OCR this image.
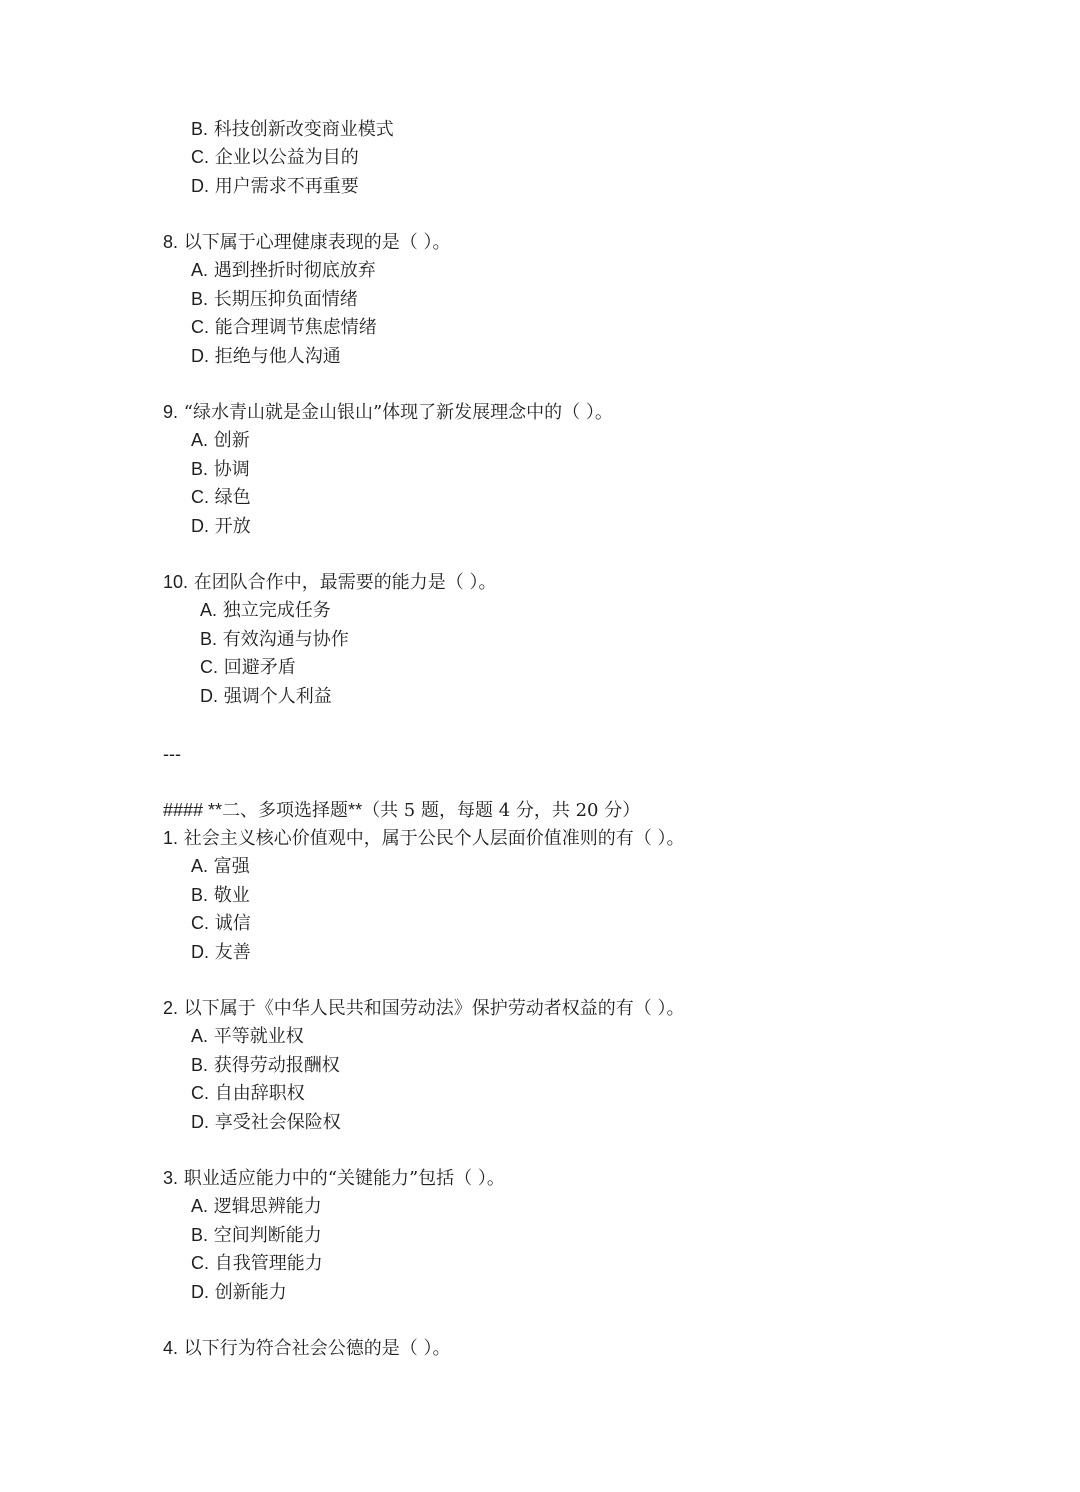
B. 科技创新改变商业模式
C. 企业以公益为目的
D. 用户需求不再重要
8. 以下属于心理健康表现的是（ ）。
A. 遇到挫折时彻底放弃
B. 长期压抑负面情绪
C. 能合理调节焦虑情绪
D. 拒绝与他人沟通
9. “绿水青山就是金山银山”体现了新发展理念中的（ ）。
A. 创新
B. 协调
C. 绿色
D. 开放
10. 在团队合作中，最需要的能力是（ ）。
A. 独立完成任务
B. 有效沟通与协作
C. 回避矛盾
D. 强调个人利益
---
#### **二、多项选择题**（共 5 题，每题 4 分，共 20 分）
1. 社会主义核心价值观中，属于公民个人层面价值准则的有（ ）。
A. 富强
B. 敬业
C. 诚信
D. 友善
2. 以下属于《中华人民共和国劳动法》保护劳动者权益的有（ ）。
A. 平等就业权
B. 获得劳动报酬权
C. 自由辞职权
D. 享受社会保险权
3. 职业适应能力中的“关键能力”包括（ ）。
A. 逻辑思辨能力
B. 空间判断能力
C. 自我管理能力
D. 创新能力
4. 以下行为符合社会公德的是（ ）。
